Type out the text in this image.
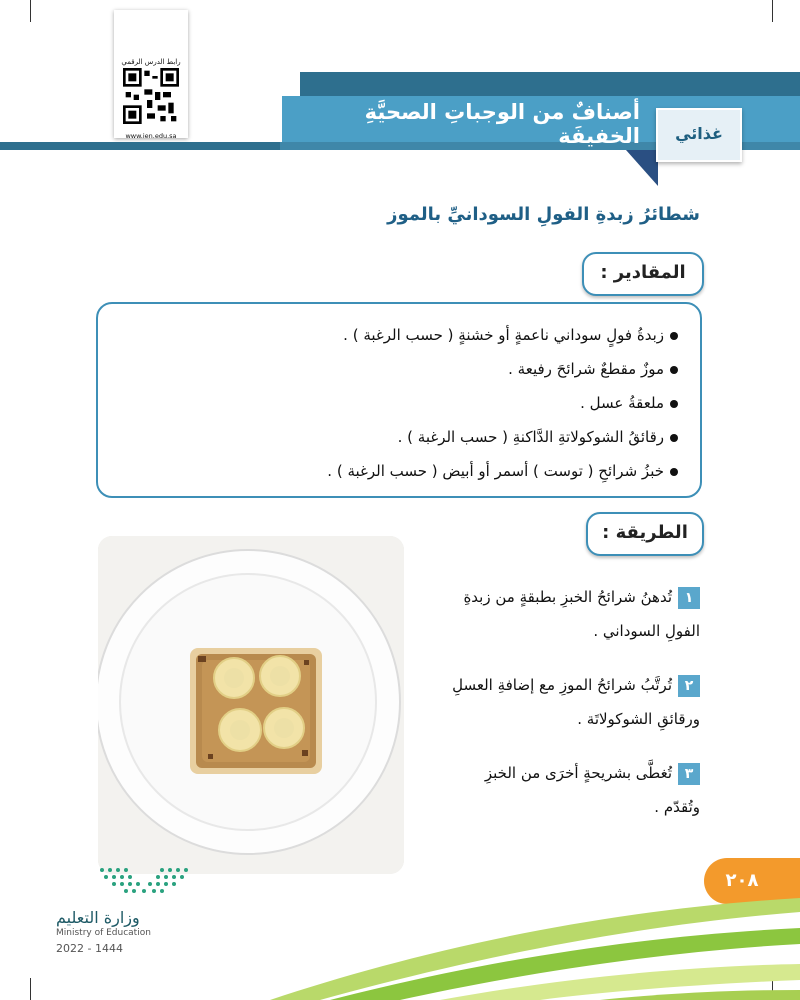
رابط الدرس الرقمي
www.ien.edu.sa
أصنافٌ من الوجباتِ الصحيَّةِ الخفيفَة	غذائي
شطائرُ زبدةِ الفولِ السودانيِّ بالموز
المقادير :
زبدةُ فولٍ سوداني ناعمةٍ أو خشنةٍ ( حسب الرغبة ) .
موزٌ مقطعٌ شرائحَ رفيعة .
ملعقةُ عسل .
رقائقُ الشوكولاتةِ الدَّاكنةِ ( حسب الرغبة ) .
خبزُ شرائحِ ( توست ) أسمر أو أبيض ( حسب الرغبة ) .
الطريقة :
١تُدهنُ شرائحُ الخبزِ بطبقةٍ من زبدةِ
الفولِ السوداني .
٢تُرتَّبُ شرائحُ الموزِ مع إضافةِ العسلِ
ورقائقِ الشوكولاتَة .
٣تُغطَّى بشريحةٍ أخرَى من الخبزِ
وتُقدّم .
٢٠٨
وزارة التعليم
Ministry of Education
2022 - 1444
